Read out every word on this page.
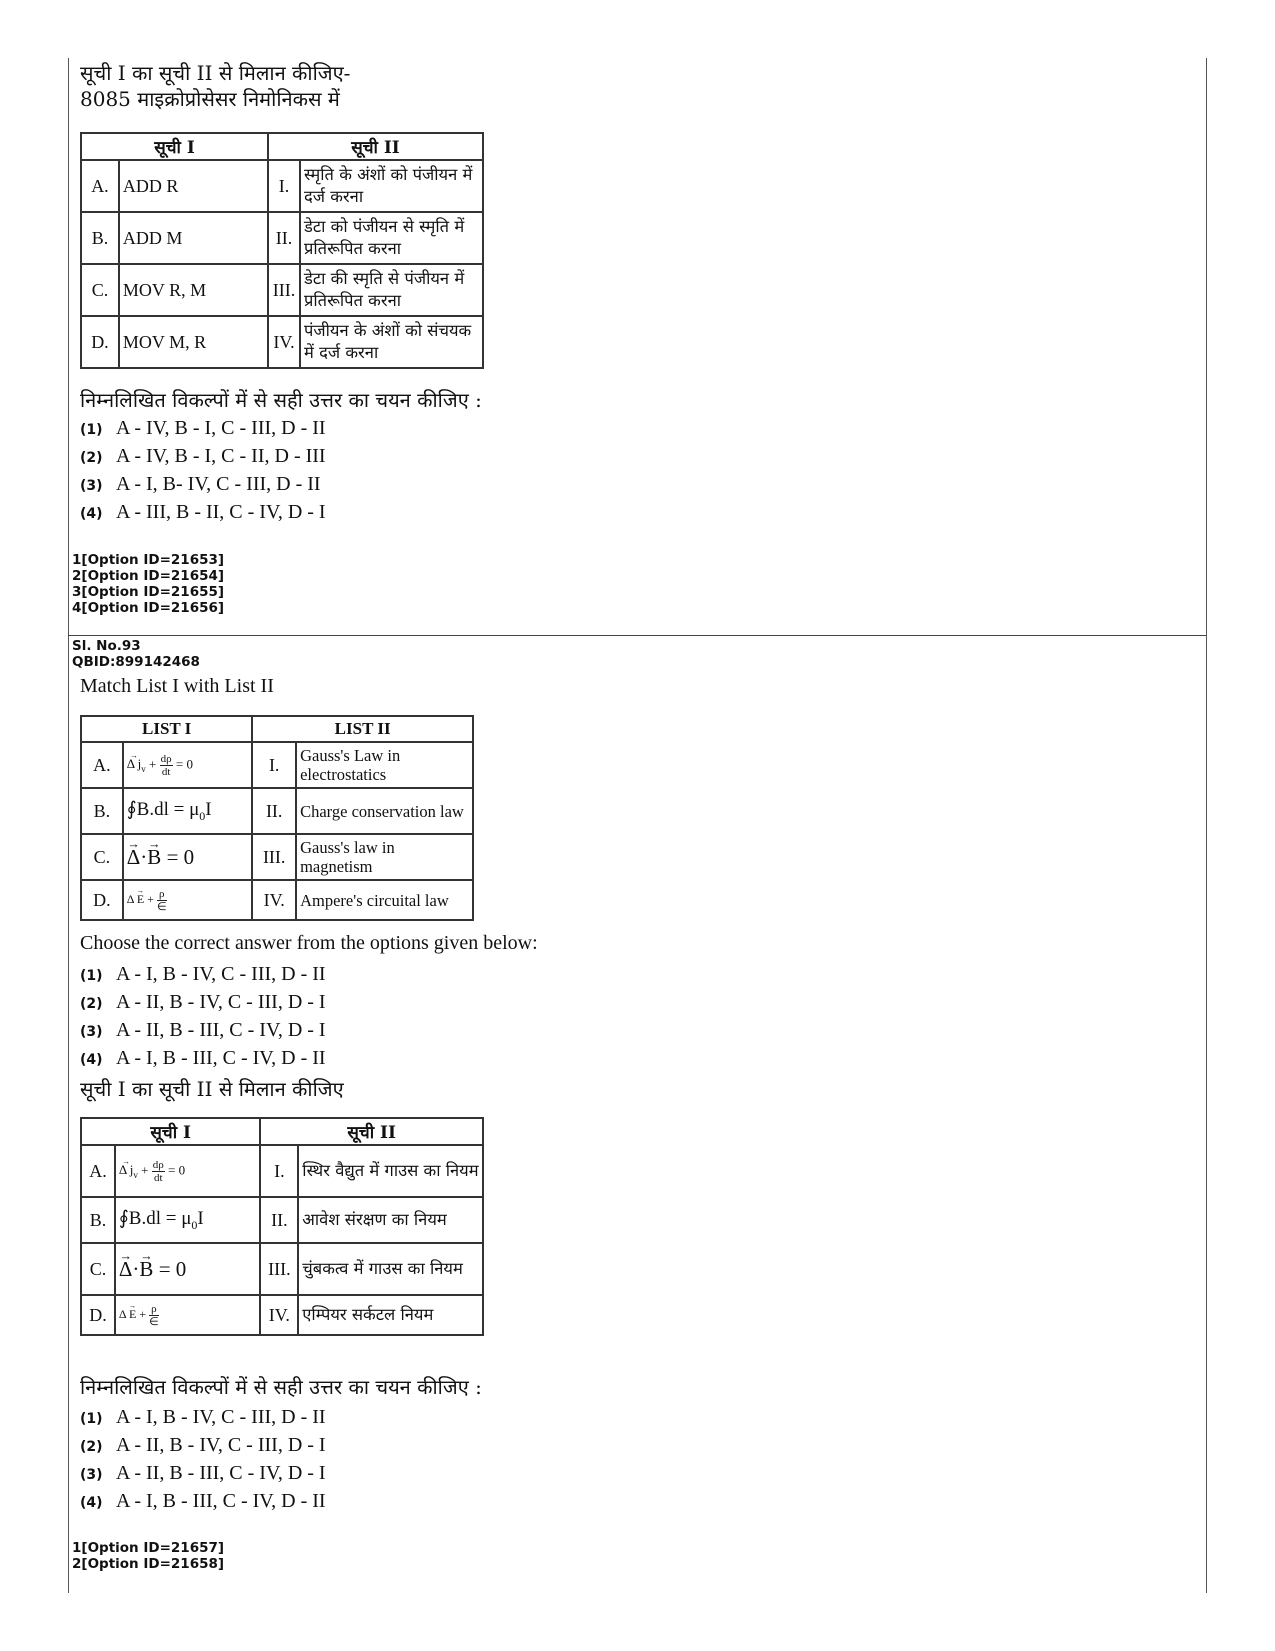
सूची I का सूची II से मिलान कीजिए-
8085 माइक्रोप्रोसेसर निमोनिकस में
सूची I		सूची II	
A.	ADD R	I.	स्मृति के अंशों को पंजीयन में दर्ज करना
B.	ADD M	II.	डेटा को पंजीयन से स्मृति में प्रतिरूपित करना
C.	MOV R, M	III.	डेटा की स्मृति से पंजीयन में प्रतिरूपित करना
D.	MOV M, R	IV.	पंजीयन के अंशों को संचयक में दर्ज करना
निम्नलिखित विकल्पों में से सही उत्तर का चयन कीजिए :
(1) A - IV, B - I, C - III, D - II
(2) A - IV, B - I, C - II, D - III
(3) A - I, B- IV, C - III, D - II
(4) A - III, B - II, C - IV, D - I
1[Option ID=21653]
2[Option ID=21654]
3[Option ID=21655]
4[Option ID=21656]
Sl. No.93
QBID:899142468
Match List I with List II
LIST I		LIST II	
A.	→ Δ $j_v + \frac{d\rho}{dt} = 0$	I.	Gauss's Law in electrostatics
B.	∮B.dl = $\mu_0I$	II.	Charge conservation law
C.	→ Δ·→ B = 0	III.	Gauss's law in magnetism
D.	→ Δ $E + \frac{\rho}{\in}$	IV.	Ampere's circuital law
Choose the correct answer from the options given below:
(1) A - I, B - IV, C - III, D - II
(2) A - II, B - IV, C - III, D - I
(3) A - II, B - III, C - IV, D - I
(4) A - I, B - III, C - IV, D - II
सूची I का सूची II से मिलान कीजिए
सूची I		सूची II	
A.	→ Δ $j_v + \frac{d\rho}{dt} = 0$	I.	स्थिर वैद्युत में गाउस का नियम
B.	∮B.dl = $\mu_0I$	II.	आवेश संरक्षण का नियम
C.	→ Δ·→ B = 0	III.	चुंबकत्व में गाउस का नियम
D.	→ Δ $E + \frac{\rho}{\in}$	IV.	एम्पियर सर्कटल नियम
निम्नलिखित विकल्पों में से सही उत्तर का चयन कीजिए :
(1) A - I, B - IV, C - III, D - II
(2) A - II, B - IV, C - III, D - I
(3) A - II, B - III, C - IV, D - I
(4) A - I, B - III, C - IV, D - II
1[Option ID=21657]
2[Option ID=21658]
